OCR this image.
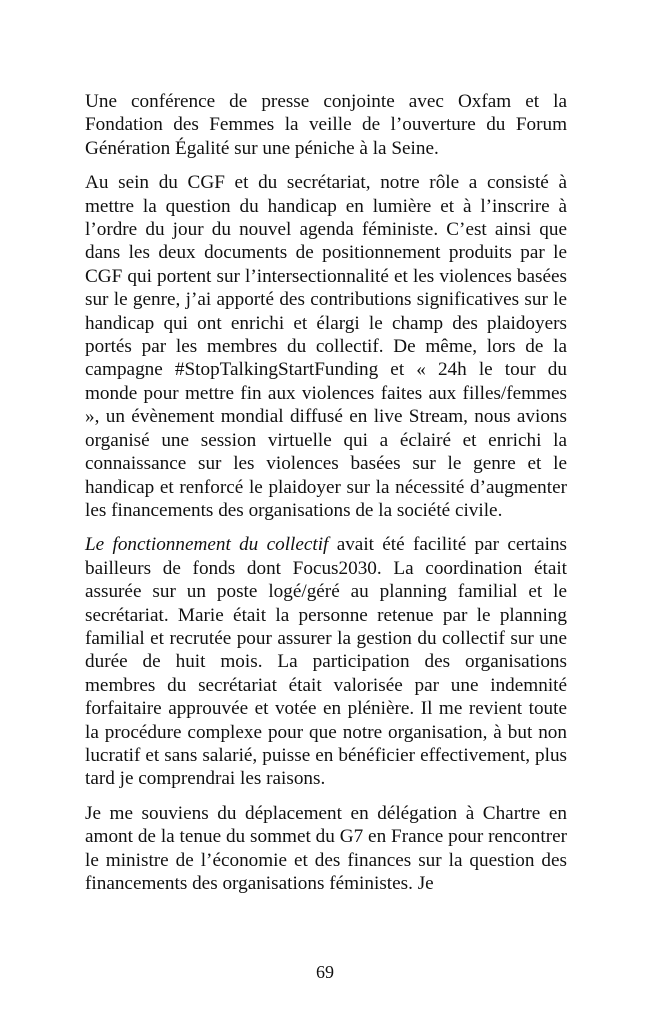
Une conférence de presse conjointe avec Oxfam et la Fondation des Femmes la veille de l’ouverture du Forum Génération Égalité sur une péniche à la Seine.

Au sein du CGF et du secrétariat, notre rôle a consisté à mettre la question du handicap en lumière et à l’inscrire à l’ordre du jour du nouvel agenda féministe. C’est ainsi que dans les deux documents de positionnement produits par le CGF qui portent sur l’intersectionnalité et les violences basées sur le genre, j’ai apporté des contributions significatives sur le handicap qui ont enrichi et élargi le champ des plaidoyers portés par les membres du collectif. De même, lors de la campagne #StopTalkingStartFunding et « 24h le tour du monde pour mettre fin aux violences faites aux filles/femmes », un évènement mondial diffusé en live Stream, nous avions organisé une session virtuelle qui a éclairé et enrichi la connaissance sur les violences basées sur le genre et le handicap et renforcé le plaidoyer sur la nécessité d’augmenter les financements des organisations de la société civile.

Le fonctionnement du collectif avait été facilité par certains bailleurs de fonds dont Focus2030. La coordination était assurée sur un poste logé/géré au planning familial et le secrétariat. Marie était la personne retenue par le planning familial et recrutée pour assurer la gestion du collectif sur une durée de huit mois. La participation des organisations membres du secrétariat était valorisée par une indemnité forfaitaire approuvée et votée en plénière. Il me revient toute la procédure complexe pour que notre organisation, à but non lucratif et sans salarié, puisse en bénéficier effectivement, plus tard je comprendrai les raisons.

Je me souviens du déplacement en délégation à Chartre en amont de la tenue du sommet du G7 en France pour rencontrer le ministre de l’économie et des finances sur la question des financements des organisations féministes. Je

69
